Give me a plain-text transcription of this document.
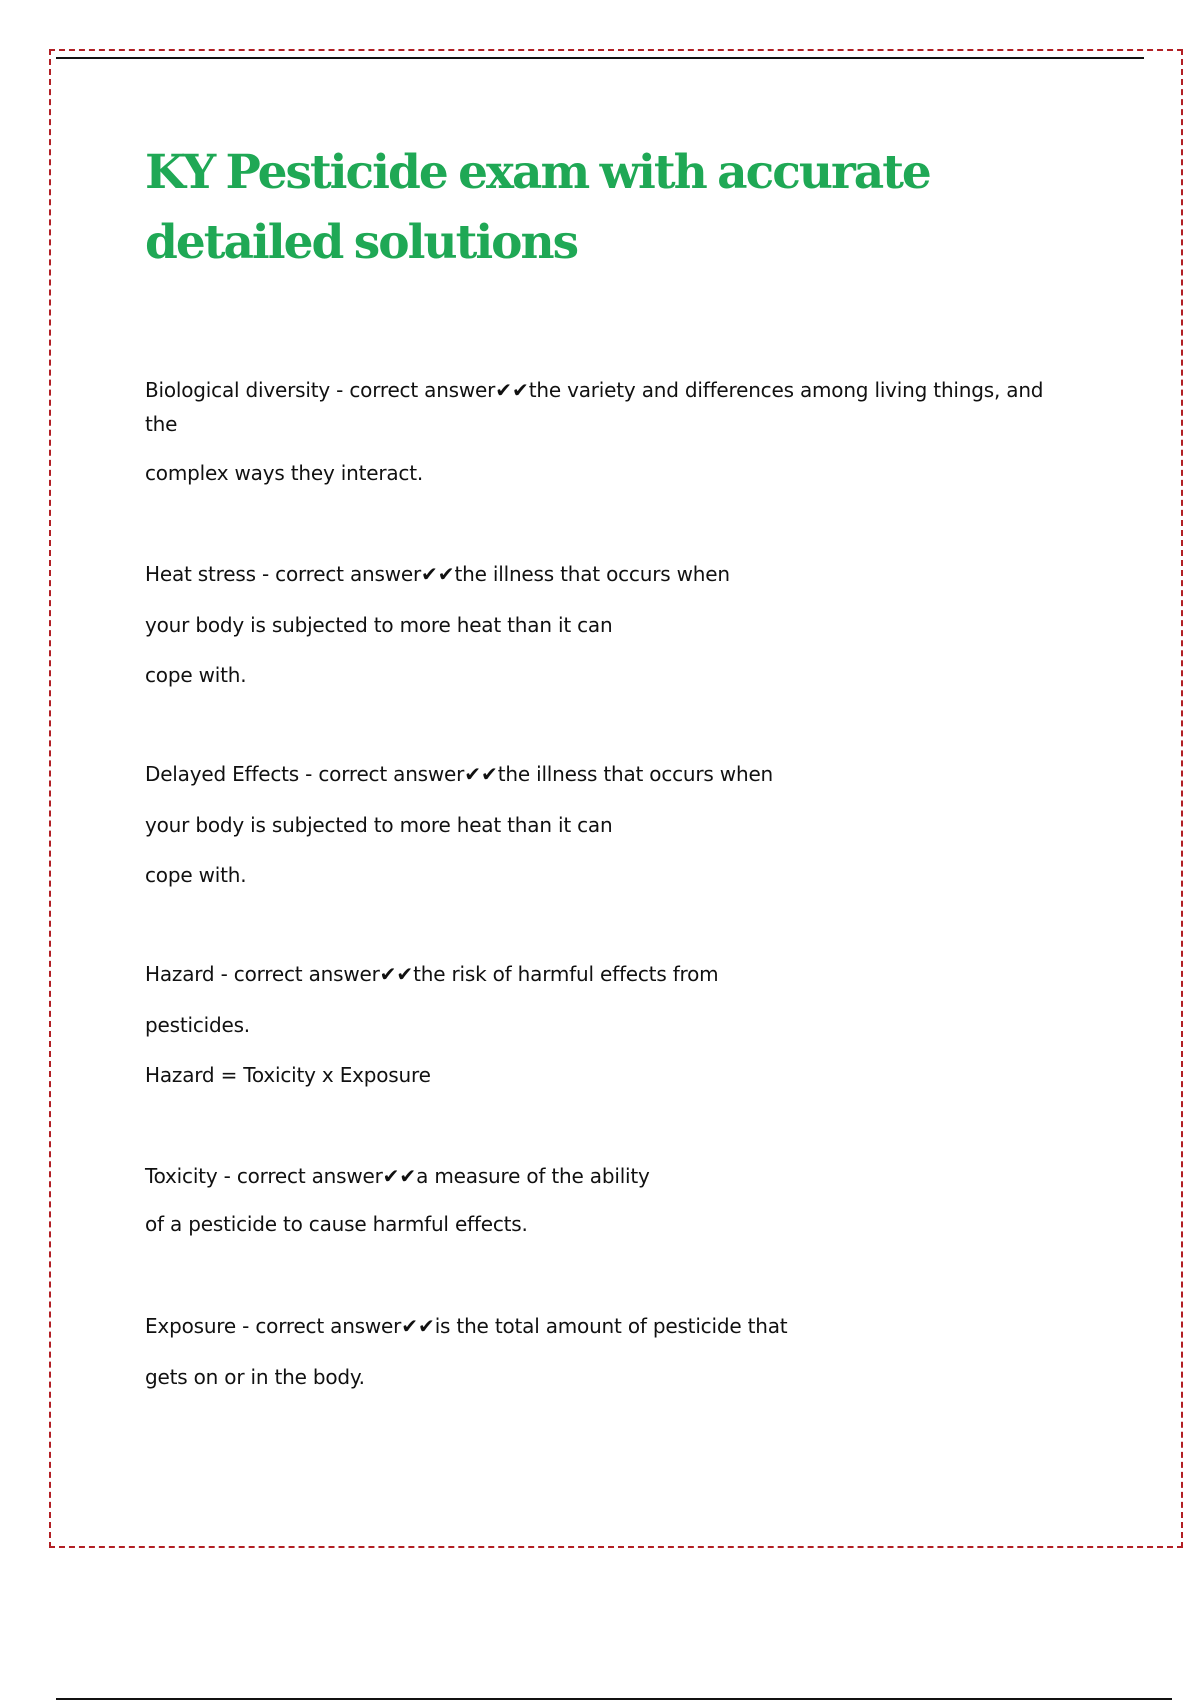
KY Pesticide exam with accurate detailed solutions
Biological diversity - correct answer✔✔the variety and differences among living things, and
the
complex ways they interact.
Heat stress - correct answer✔✔the illness that occurs when
your body is subjected to more heat than it can
cope with.
Delayed Effects - correct answer✔✔the illness that occurs when
your body is subjected to more heat than it can
cope with.
Hazard - correct answer✔✔the risk of harmful effects from
pesticides.
Hazard = Toxicity x Exposure
Toxicity - correct answer✔✔a measure of the ability
of a pesticide to cause harmful effects.
Exposure - correct answer✔✔is the total amount of pesticide that
gets on or in the body.
